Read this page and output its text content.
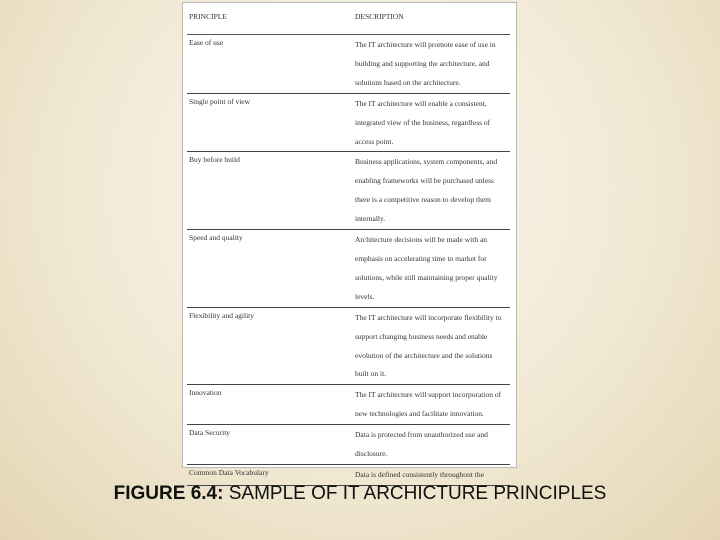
PRINCIPLE	DESCRIPTION
Ease of use	The IT architecture will promote ease of use in building and supporting the architecture, and solutions based on the architecture.
Single point of view	The IT architecture will enable a consistent, integrated view of the business, regardless of access point.
Buy before build	Business applications, system components, and enabling frameworks will be purchased unless there is a competitive reason to develop them internally.
Speed and quality	Architecture decisions will be made with an emphasis on accelerating time to market for solutions, while still maintaining proper quality levels.
Flexibility and agility	The IT architecture will incorporate flexibility to support changing business needs and enable evolution of the architecture and the solutions built on it.
Innovation	The IT architecture will support incorporation of new technologies and facilitate innovation.
Data Security	Data is protected from unauthorized use and disclosure.
Common Data Vocabulary	Data is defined consistently throughout the
FIGURE 6.4: SAMPLE OF IT ARCHICTURE PRINCIPLES
